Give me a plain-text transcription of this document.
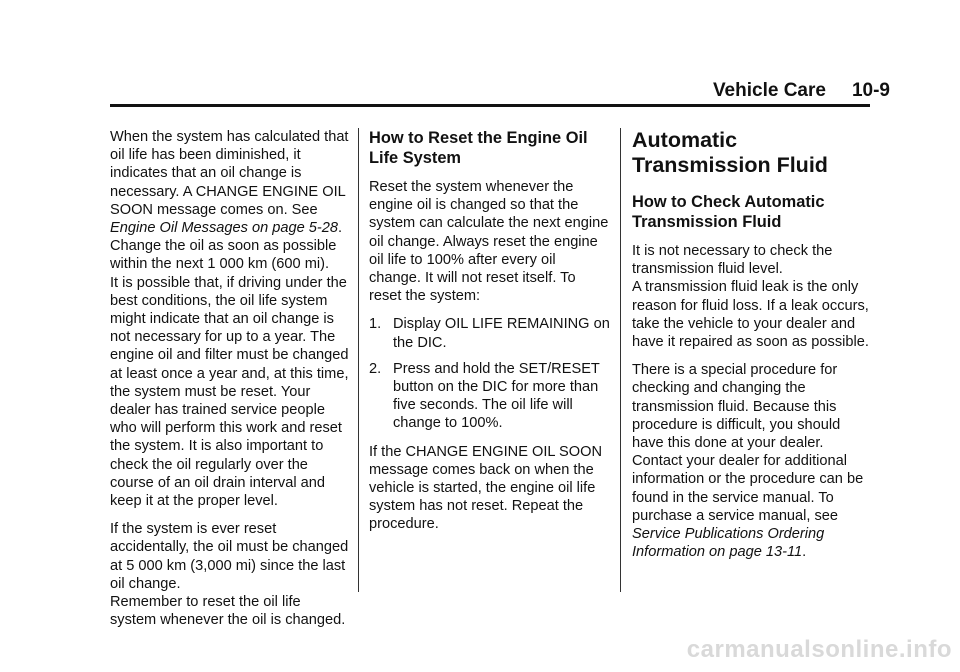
Vehicle Care 10-9

When the system has calculated that oil life has been diminished, it indicates that an oil change is necessary. A CHANGE ENGINE OIL SOON message comes on. See Engine Oil Messages on page 5-28.

Change the oil as soon as possible within the next 1 000 km (600 mi).

It is possible that, if driving under the best conditions, the oil life system might indicate that an oil change is not necessary for up to a year. The engine oil and filter must be changed at least once a year and, at this time, the system must be reset. Your dealer has trained service people who will perform this work and reset the system. It is also important to check the oil regularly over the course of an oil drain interval and keep it at the proper level.

If the system is ever reset accidentally, the oil must be changed at 5 000 km (3,000 mi) since the last oil change.

Remember to reset the oil life system whenever the oil is changed.

How to Reset the Engine Oil Life System

Reset the system whenever the engine oil is changed so that the system can calculate the next engine oil change. Always reset the engine oil life to 100% after every oil change. It will not reset itself. To reset the system:

1. Display OIL LIFE REMAINING on the DIC.
2. Press and hold the SET/RESET button on the DIC for more than five seconds. The oil life will change to 100%.

If the CHANGE ENGINE OIL SOON message comes back on when the vehicle is started, the engine oil life system has not reset. Repeat the procedure.

Automatic Transmission Fluid
How to Check Automatic Transmission Fluid

It is not necessary to check the transmission fluid level.

A transmission fluid leak is the only reason for fluid loss. If a leak occurs, take the vehicle to your dealer and have it repaired as soon as possible.

There is a special procedure for checking and changing the transmission fluid. Because this procedure is difficult, you should have this done at your dealer.

Contact your dealer for additional information or the procedure can be found in the service manual. To purchase a service manual, see Service Publications Ordering Information on page 13-11.

carmanualsonline.info
